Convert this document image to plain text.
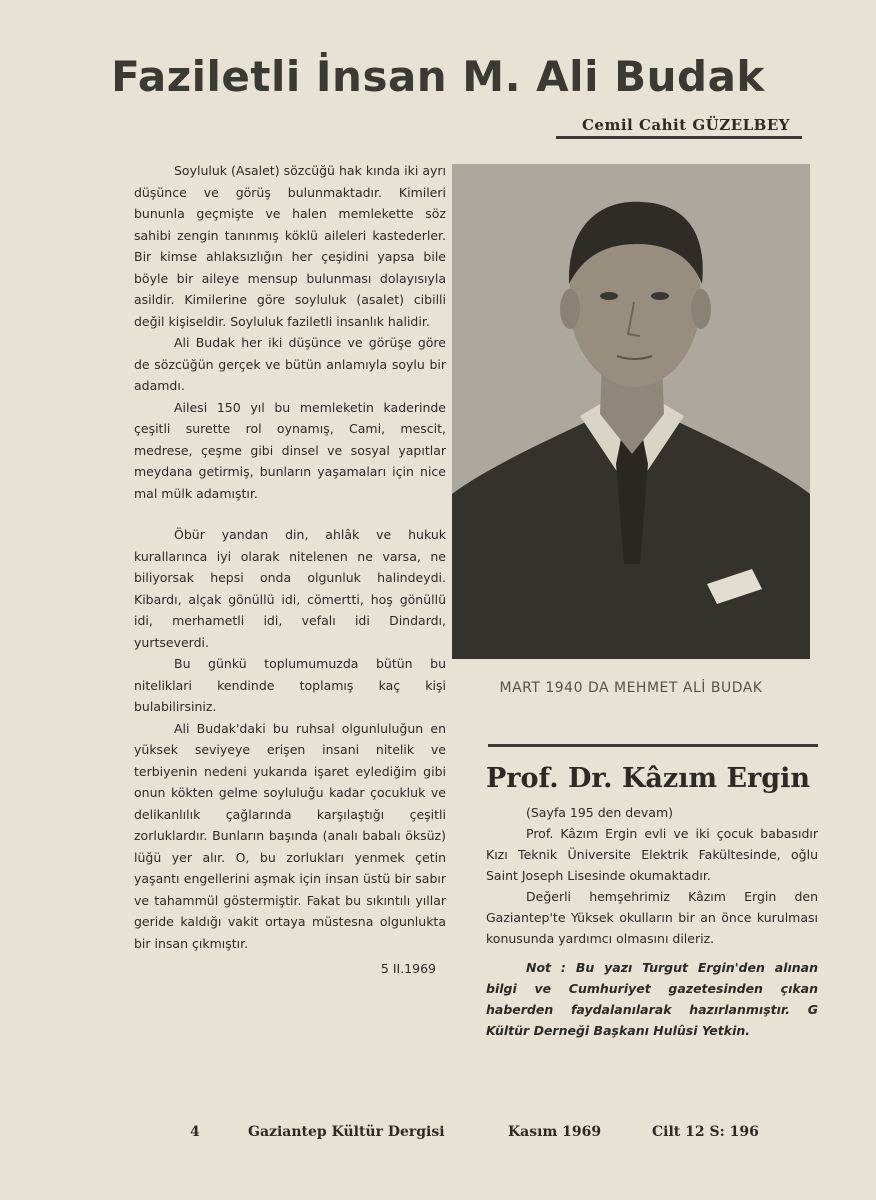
Faziletli İnsan M. Ali Budak
Cemil Cahit GÜZELBEY

Soyluluk (Asalet) sözcüğü hak kında iki ayrı düşünce ve görüş bulunmaktadır. Kimileri bununla geçmişte ve halen memlekette söz sahibi zengin tanınmış köklü aileleri kastederler. Bir kimse ahlaksızlığın her çeşidini yapsa bile böyle bir aileye mensup bulunması dolayısıyla asildir. Kimilerine göre soyluluk (asalet) cibilli değil kişiseldir. Soyluluk faziletli insanlık halidir.

Ali Budak her iki düşünce ve görüşe göre de sözcüğün gerçek ve bütün anlamıyla soylu bir adamdı.

Ailesi 150 yıl bu memleketin kaderinde çeşitli surette rol oynamış, Cami, mescit, medrese, çeşme gibi dinsel ve sosyal yapıtlar meydana getirmiş, bunların yaşamaları için nice mal mülk adamıştır.

Öbür yandan din, ahlâk ve hukuk kurallarınca iyi olarak nitelenen ne varsa, ne biliyorsak hepsi onda olgunluk halindeydi. Kibardı, alçak gönüllü idi, cömertti, hoş gönüllü idi, merhametli idi, vefalı idi Dindardı, yurtseverdi.

Bu günkü toplumumuzda bütün bu niteliklari kendinde toplamış kaç kişi bulabilirsiniz.

Ali Budak'daki bu ruhsal olgunluluğun en yüksek seviyeye erişen insani nitelik ve terbiyenin nedeni yukarıda işaret eylediğim gibi onun kökten gelme soyluluğu kadar çocukluk ve delikanlılık çağlarında karşılaştığı çeşitli zorluklardır. Bunların başında (analı babalı öksüz) lüğü yer alır. O, bu zorlukları yenmek çetin yaşantı engellerini aşmak için insan üstü bir sabır ve tahammül göstermiştir. Fakat bu sıkıntılı yıllar geride kaldığı vakit ortaya müstesna olgunlukta bir insan çıkmıştır.

5 II.1969
MART 1940 DA MEHMET ALİ BUDAK
Prof. Dr. Kâzım Ergin
(Sayfa 195 den devam)

Prof. Kâzım Ergin evli ve iki çocuk babasıdır Kızı Teknik Üniversite Elektrik Fakültesinde, oğlu Saint Joseph Lisesinde okumaktadır.

Değerli hemşehrimiz Kâzım Ergin den Gaziantep'te Yüksek okulların bir an önce kurulması konusunda yardımcı olmasını dileriz.

Not : Bu yazı Turgut Ergin'den alınan bilgi ve Cumhuriyet gazetesinden çıkan haberden faydalanılarak hazırlanmıştır. G Kültür Derneği Başkanı Hulûsi Yetkin.

4	Gaziantep Kültür Dergisi	Kasım 1969	Cilt 12 S: 196
